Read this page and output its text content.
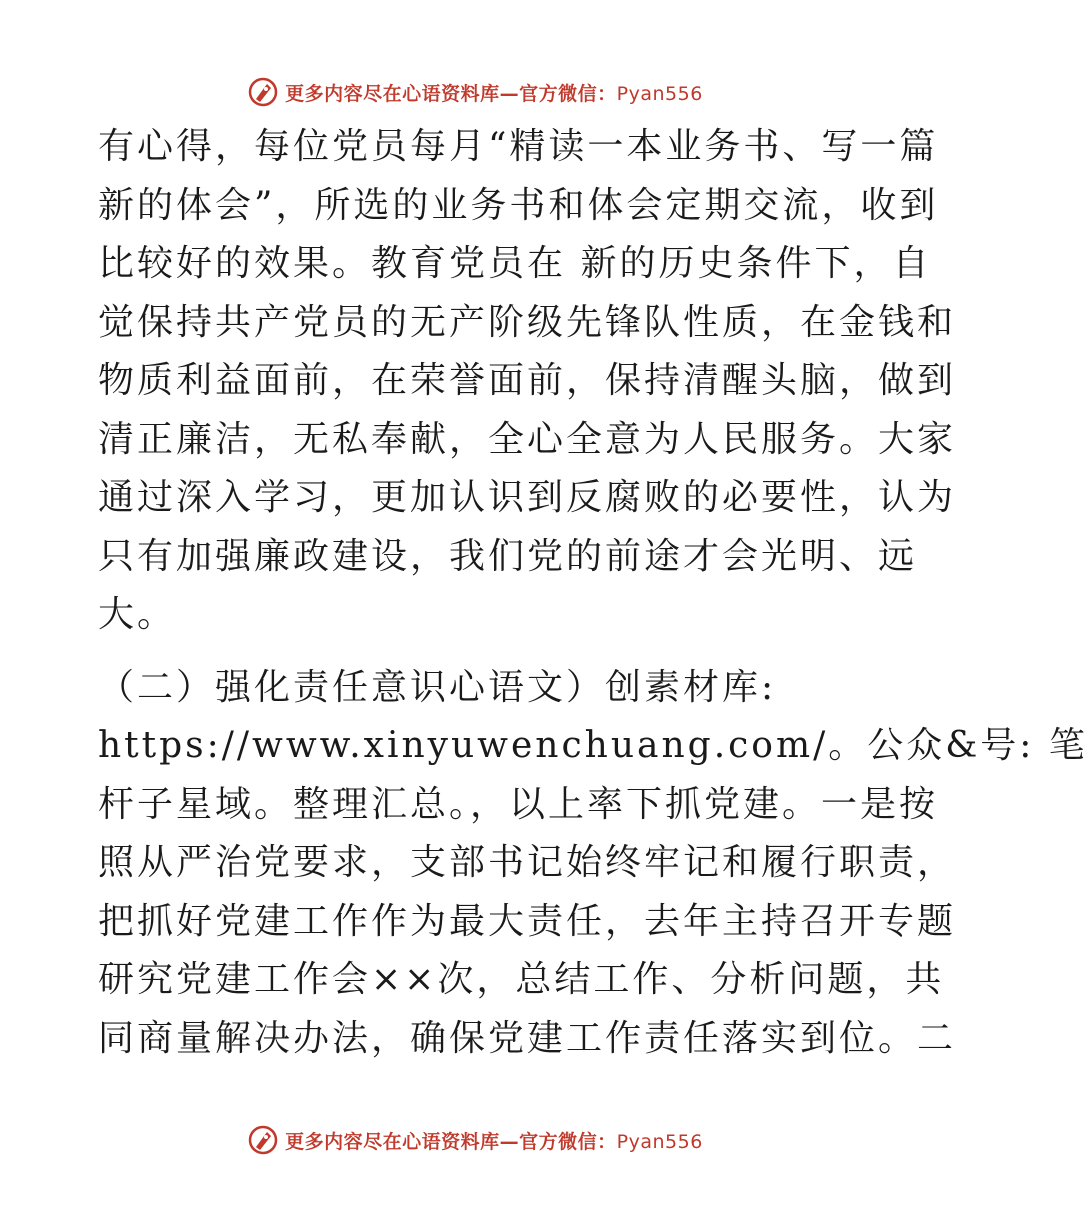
更多内容尽在心语资料库—官方微信：Pyan556
有心得，每位党员每月“精读一本业务书、写一篇
新的体会”，所选的业务书和体会定期交流，收到
比较好的效果。教育党员在 新的历史条件下，自
觉保持共产党员的无产阶级先锋队性质，在金钱和
物质利益面前，在荣誉面前，保持清醒头脑，做到
清正廉洁，无私奉献，全心全意为人民服务。大家
通过深入学习，更加认识到反腐败的必要性，认为
只有加强廉政建设，我们党的前途才会光明、远
大。
（二）强化责任意识心语文）创素材库:
https://www.xinyuwenchuang.com/。公众&号: 笔
杆子星域。整理汇总。，以上率下抓党建。一是按
照从严治党要求，支部书记始终牢记和履行职责，
把抓好党建工作作为最大责任，去年主持召开专题
研究党建工作会××次，总结工作、分析问题，共
同商量解决办法，确保党建工作责任落实到位。二
更多内容尽在心语资料库—官方微信：Pyan556
